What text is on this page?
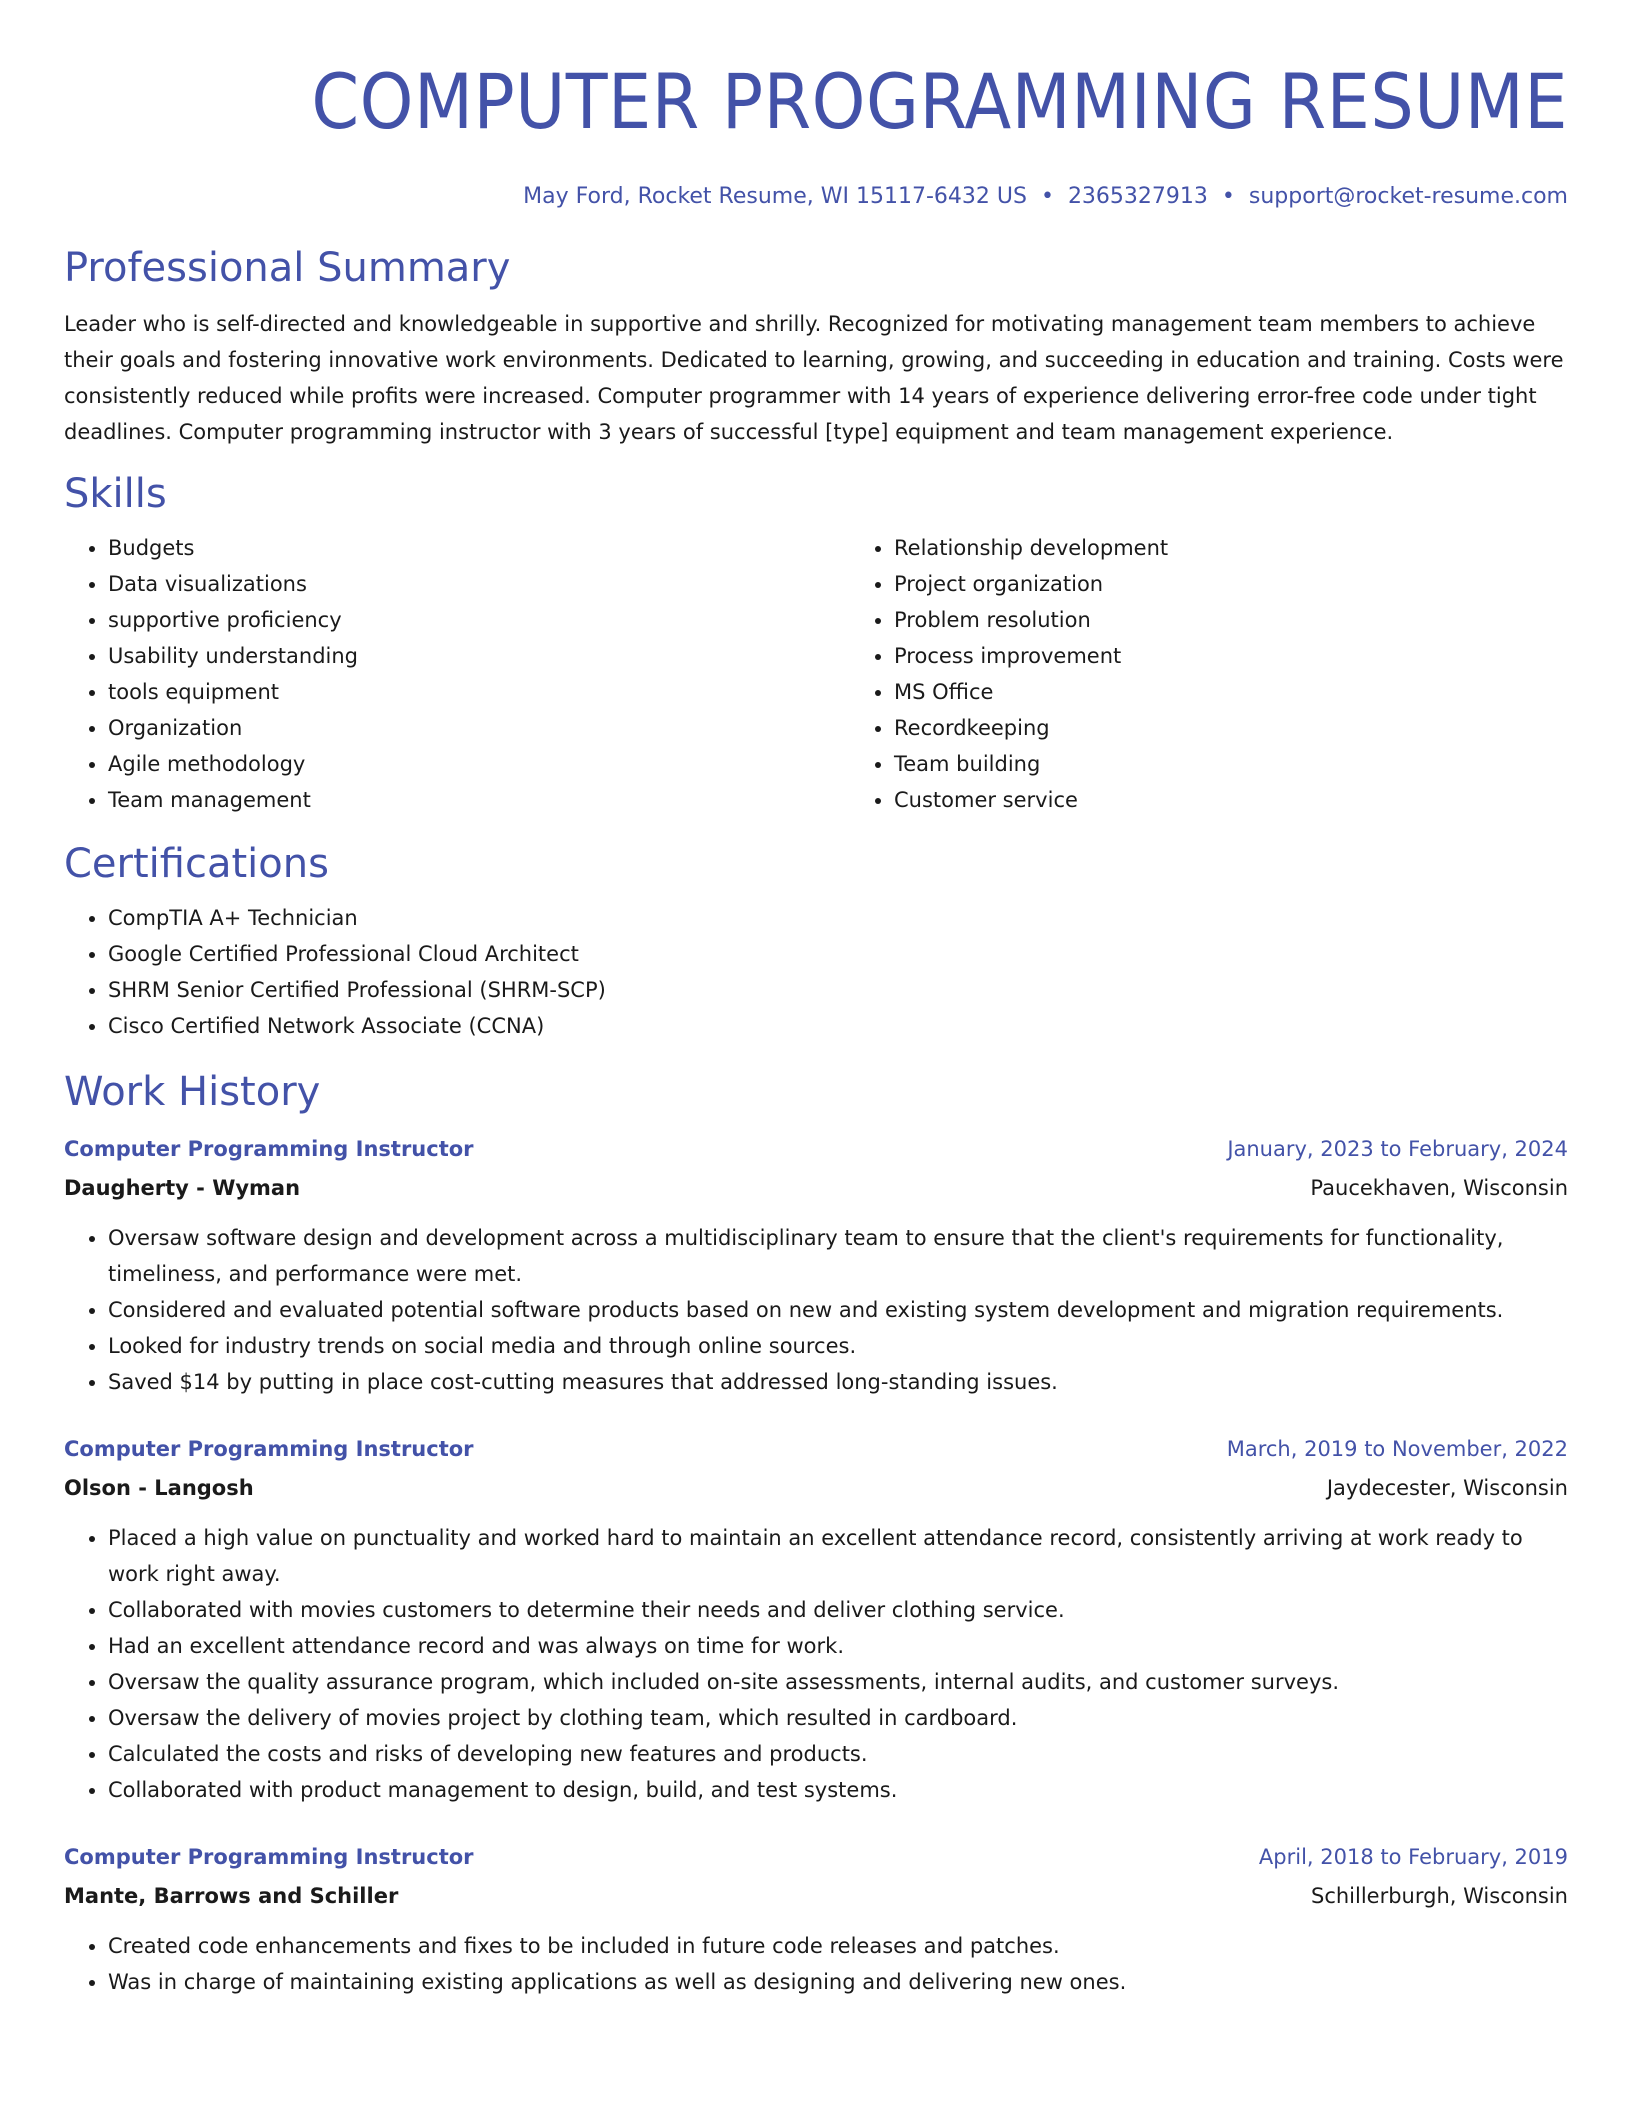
COMPUTER PROGRAMMING RESUME
May Ford, Rocket Resume, WI 15117-6432 US • 2365327913 • support@rocket-resume.com
Professional Summary

Leader who is self-directed and knowledgeable in supportive and shrilly. Recognized for motivating management team members to achieve their goals and fostering innovative work environments. Dedicated to learning, growing, and succeeding in education and training. Costs were consistently reduced while profits were increased. Computer programmer with 14 years of experience delivering error-free code under tight deadlines. Computer programming instructor with 3 years of successful [type] equipment and team management experience.

Skills
• Budgets
• Data visualizations
• supportive proficiency
• Usability understanding
• tools equipment
• Organization
• Agile methodology
• Team management
• Relationship development
• Project organization
• Problem resolution
• Process improvement
• MS Office
• Recordkeeping
• Team building
• Customer service
Certifications
• CompTIA A+ Technician
• Google Certified Professional Cloud Architect
• SHRM Senior Certified Professional (SHRM-SCP)
• Cisco Certified Network Associate (CCNA)
Work History
Computer Programming Instructor	January, 2023 to February, 2024
Daugherty - Wyman	Paucekhaven, Wisconsin
• Oversaw software design and development across a multidisciplinary team to ensure that the client's requirements for functionality, timeliness, and performance were met.
• Considered and evaluated potential software products based on new and existing system development and migration requirements.
• Looked for industry trends on social media and through online sources.
• Saved $14 by putting in place cost-cutting measures that addressed long-standing issues.
Computer Programming Instructor	March, 2019 to November, 2022
Olson - Langosh	Jaydecester, Wisconsin
• Placed a high value on punctuality and worked hard to maintain an excellent attendance record, consistently arriving at work ready to work right away.
• Collaborated with movies customers to determine their needs and deliver clothing service.
• Had an excellent attendance record and was always on time for work.
• Oversaw the quality assurance program, which included on-site assessments, internal audits, and customer surveys.
• Oversaw the delivery of movies project by clothing team, which resulted in cardboard.
• Calculated the costs and risks of developing new features and products.
• Collaborated with product management to design, build, and test systems.
Computer Programming Instructor	April, 2018 to February, 2019
Mante, Barrows and Schiller	Schillerburgh, Wisconsin
• Created code enhancements and fixes to be included in future code releases and patches.
• Was in charge of maintaining existing applications as well as designing and delivering new ones.
